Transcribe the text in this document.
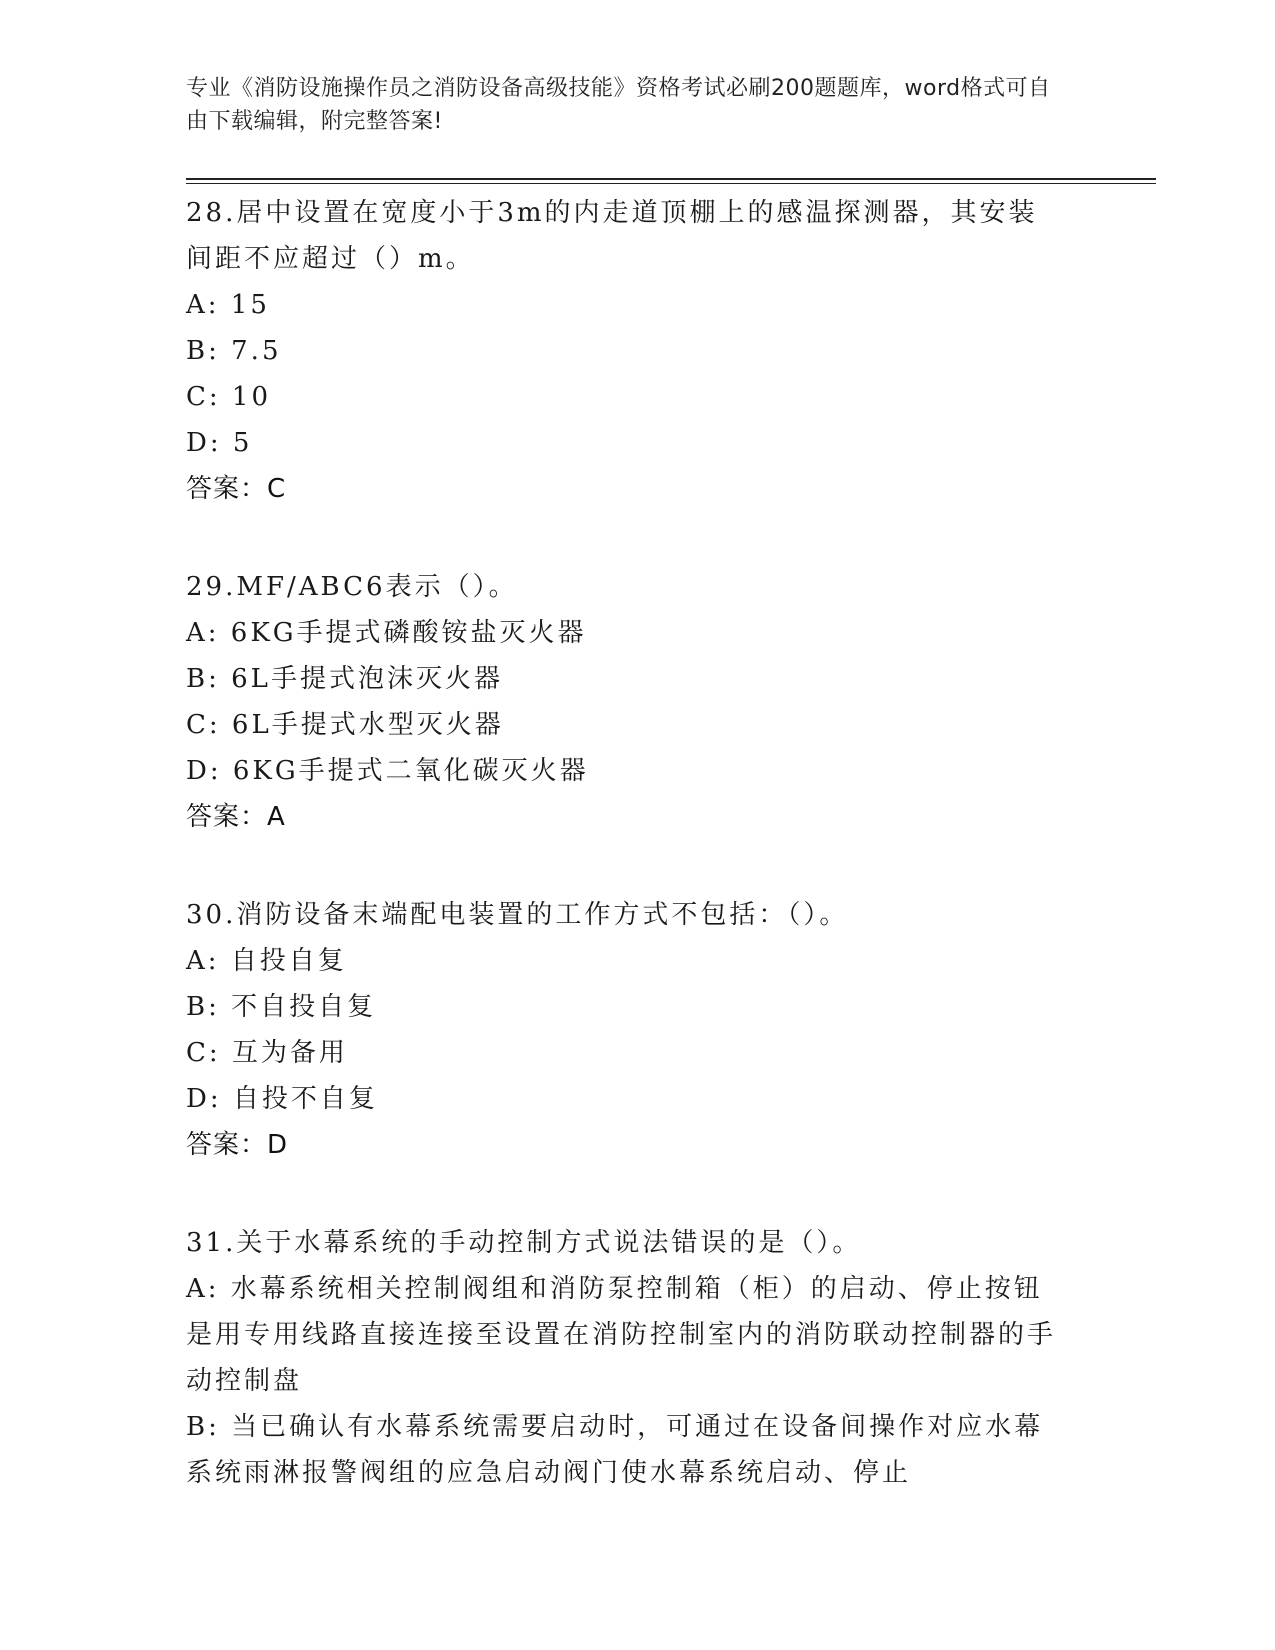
专业《消防设施操作员之消防设备高级技能》资格考试必刷200题题库，word格式可自由下载编辑，附完整答案!
28.居中设置在宽度小于3m的内走道顶棚上的感温探测器，其安装间距不应超过（）m。
A: 15
B: 7.5
C: 10
D: 5
答案：C
29.MF/ABC6表示（）。
A: 6KG手提式磷酸铵盐灭火器
B: 6L手提式泡沫灭火器
C: 6L手提式水型灭火器
D: 6KG手提式二氧化碳灭火器
答案：A
30.消防设备末端配电装置的工作方式不包括：（）。
A: 自投自复
B: 不自投自复
C: 互为备用
D: 自投不自复
答案：D
31.关于水幕系统的手动控制方式说法错误的是（）。
A: 水幕系统相关控制阀组和消防泵控制箱（柜）的启动、停止按钮是用专用线路直接连接至设置在消防控制室内的消防联动控制器的手动控制盘
B: 当已确认有水幕系统需要启动时，可通过在设备间操作对应水幕系统雨淋报警阀组的应急启动阀门使水幕系统启动、停止
